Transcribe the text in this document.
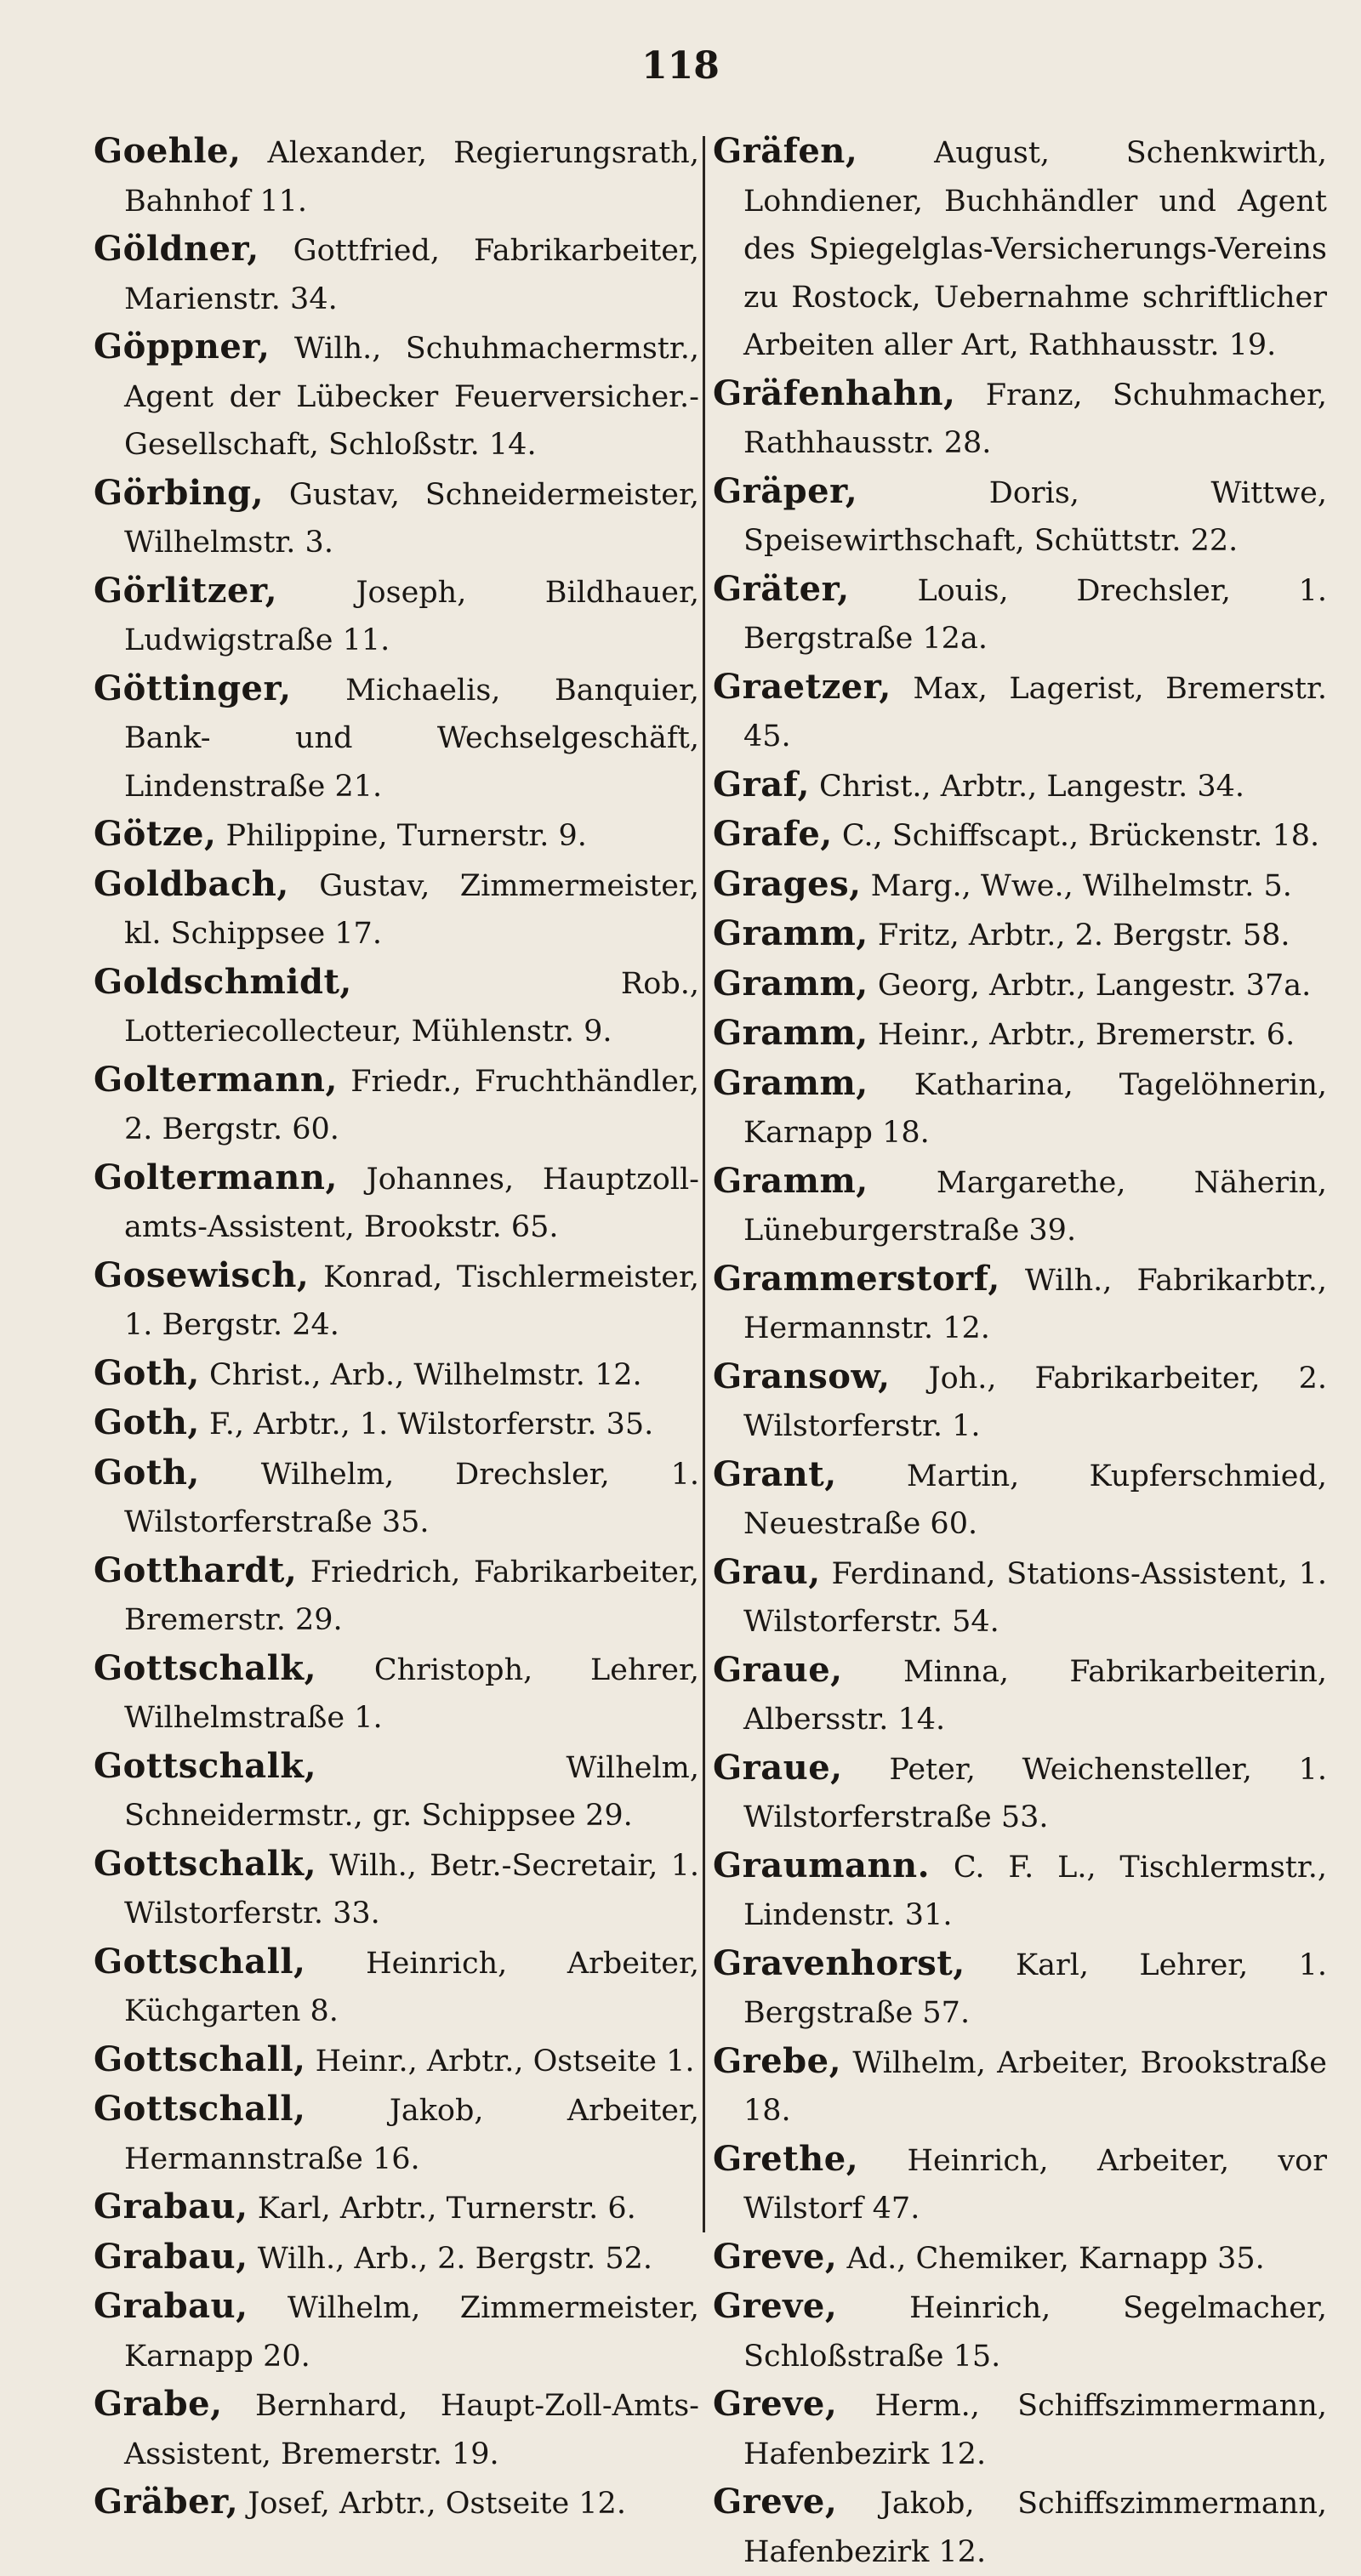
118
Goehle, Alexander, Regierungsrath, Bahnhof 11.
Göldner, Gottfried, Fabrikarbeiter, Marienstr. 34.
Göppner, Wilh., Schuhmachermstr., Agent der Lübecker Feuerversicher.-Gesellschaft, Schloßstr. 14.
Görbing, Gustav, Schneidermeister, Wilhelmstr. 3.
Görlitzer,	Joseph, Bildhauer, Ludwigstraße 11.
Göttinger, Michaelis, Banquier, Bank- und Wechselgeschäft, Lindenstraße 21.
Götze, Philippine, Turnerstr. 9.
Goldbach, Gustav, Zimmermeister, kl. Schippsee 17.
Goldschmidt,	Rob., Lotteriecollecteur, Mühlenstr. 9.
Goltermann, Friedr., Fruchthändler, 2. Bergstr. 60.
Goltermann, Johannes, Hauptzoll-amts-Assistent, Brookstr. 65.
Gosewisch, Konrad, Tischlermeister, 1. Bergstr. 24.
Goth, Christ., Arb., Wilhelmstr. 12.
Goth, F., Arbtr., 1. Wilstorferstr. 35.
Goth, Wilhelm, Drechsler, 1. Wilstorferstraße 35.
Gotthardt, Friedrich, Fabrikarbeiter, Bremerstr. 29.
Gottschalk, Christoph, Lehrer, Wilhelmstraße 1.
Gottschalk,	Wilhelm, Schneidermstr., gr. Schippsee 29.
Gottschalk, Wilh., Betr.-Secretair, 1. Wilstorferstr. 33.
Gottschall, Heinrich, Arbeiter, Küchgarten 8.
Gottschall, Heinr., Arbtr., Ostseite 1.
Gottschall,	Jakob, Arbeiter, Hermannstraße 16.
Grabau, Karl, Arbtr., Turnerstr. 6.
Grabau, Wilh., Arb., 2. Bergstr. 52.
Grabau, Wilhelm, Zimmermeister, Karnapp 20.
Grabe, Bernhard, Haupt-Zoll-Amts-Assistent, Bremerstr. 19.
Gräber, Josef, Arbtr., Ostseite 12.
Gräfen,	August, Schenkwirth, Lohndiener, Buchhändler und Agent des Spiegelglas-Versicherungs-Vereins zu Rostock, Uebernahme schriftlicher Arbeiten aller Art, Rathhausstr. 19.
Gräfenhahn, Franz, Schuhmacher, Rathhausstr. 28.
Gräper,	Doris, Wittwe, Speisewirthschaft, Schüttstr. 22.
Gräter, Louis, Drechsler, 1. Bergstraße 12a.
Graetzer, Max, Lagerist, Bremerstr. 45.
Graf, Christ., Arbtr., Langestr. 34.
Grafe, C., Schiffscapt., Brückenstr. 18.
Grages, Marg., Wwe., Wilhelmstr. 5.
Gramm, Fritz, Arbtr., 2. Bergstr. 58.
Gramm, Georg, Arbtr., Langestr. 37a.
Gramm, Heinr., Arbtr., Bremerstr. 6.
Gramm, Katharina, Tagelöhnerin, Karnapp 18.
Gramm, Margarethe, Näherin, Lüneburgerstraße 39.
Grammerstorf, Wilh., Fabrikarbtr., Hermannstr. 12.
Gransow, Joh., Fabrikarbeiter, 2. Wilstorferstr. 1.
Grant, Martin, Kupferschmied, Neuestraße 60.
Grau, Ferdinand, Stations-Assistent, 1. Wilstorferstr. 54.
Graue, Minna, Fabrikarbeiterin, Albersstr. 14.
Graue, Peter, Weichensteller, 1. Wilstorferstraße 53.
Graumann. C. F. L., Tischlermstr., Lindenstr. 31.
Gravenhorst, Karl, Lehrer, 1. Bergstraße 57.
Grebe, Wilhelm, Arbeiter, Brookstraße 18.
Grethe, Heinrich, Arbeiter, vor Wilstorf 47.
Greve, Ad., Chemiker, Karnapp 35.
Greve, Heinrich, Segelmacher, Schloßstraße 15.
Greve, Herm., Schiffszimmermann, Hafenbezirk 12.
Greve, Jakob, Schiffszimmermann, Hafenbezirk 12.
